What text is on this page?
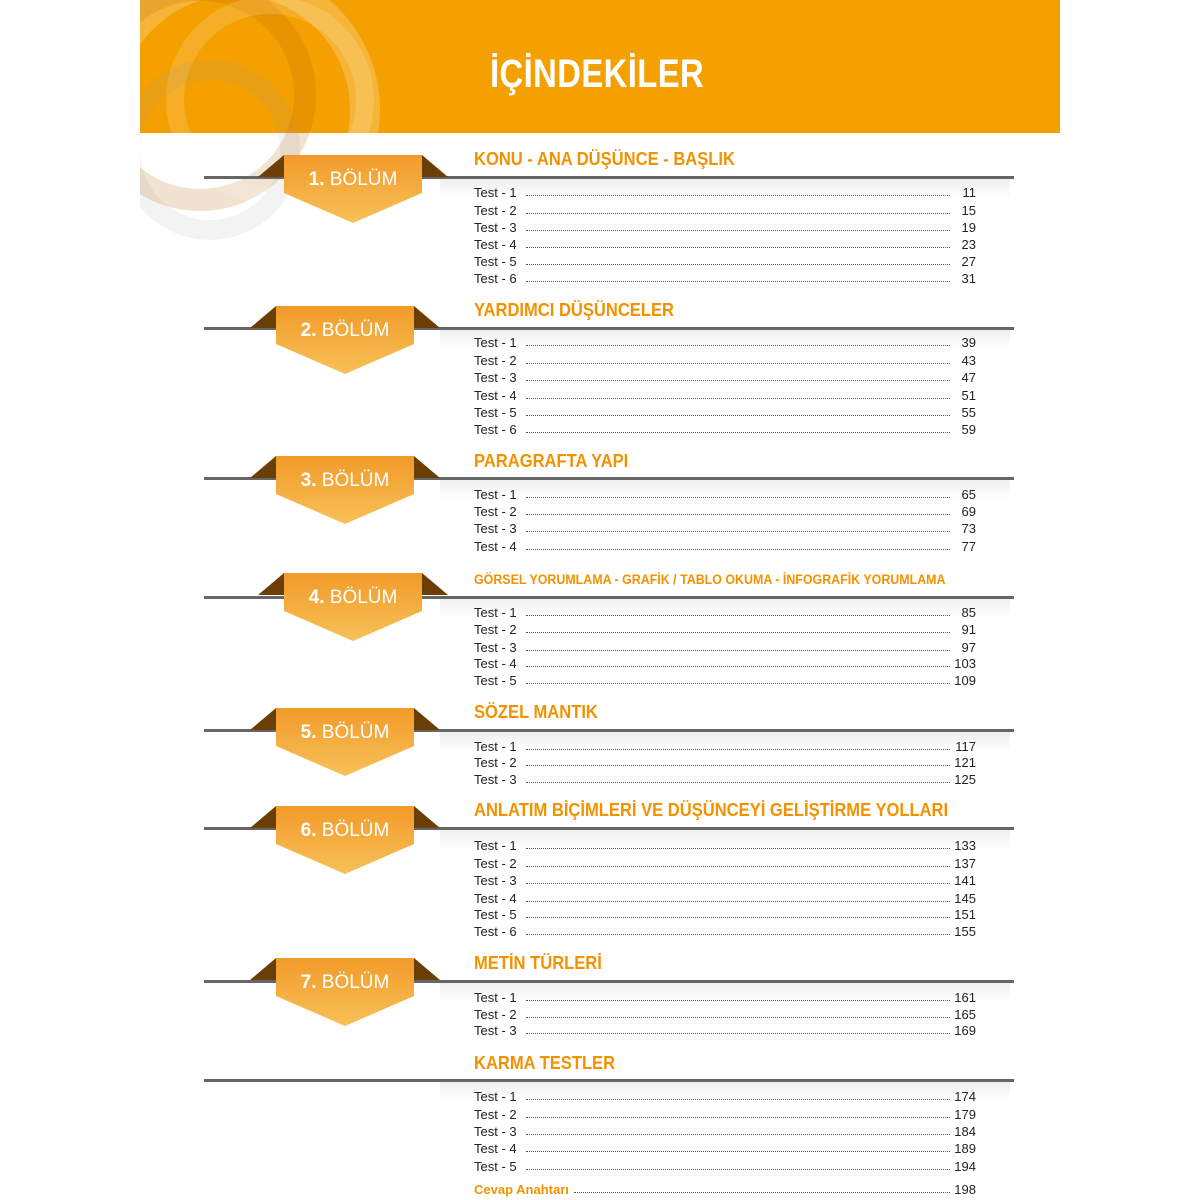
İÇİNDEKİLER
KONU - ANA DÜŞÜNCE - BAŞLIK
1. BÖLÜM
Test - 1	11
Test - 2	15
Test - 3	19
Test - 4	23
Test - 5	27
Test - 6	31
YARDIMCI DÜŞÜNCELER
2. BÖLÜM
Test - 1	39
Test - 2	43
Test - 3	47
Test - 4	51
Test - 5	55
Test - 6	59
PARAGRAFTA YAPI
3. BÖLÜM
Test - 1	65
Test - 2	69
Test - 3	73
Test - 4	77
GÖRSEL YORUMLAMA - GRAFİK / TABLO OKUMA - İNFOGRAFİK YORUMLAMA
4. BÖLÜM
Test - 1	85
Test - 2	91
Test - 3	97
Test - 4	103
Test - 5	109
SÖZEL MANTIK
5. BÖLÜM
Test - 1	117
Test - 2	121
Test - 3	125
ANLATIM BİÇİMLERİ VE DÜŞÜNCEYİ GELİŞTİRME YOLLARI
6. BÖLÜM
Test - 1	133
Test - 2	137
Test - 3	141
Test - 4	145
Test - 5	151
Test - 6	155
METİN TÜRLERİ
7. BÖLÜM
Test - 1	161
Test - 2	165
Test - 3	169
KARMA TESTLER
Test - 1	174
Test - 2	179
Test - 3	184
Test - 4	189
Test - 5	194
Cevap Anahtarı	198
